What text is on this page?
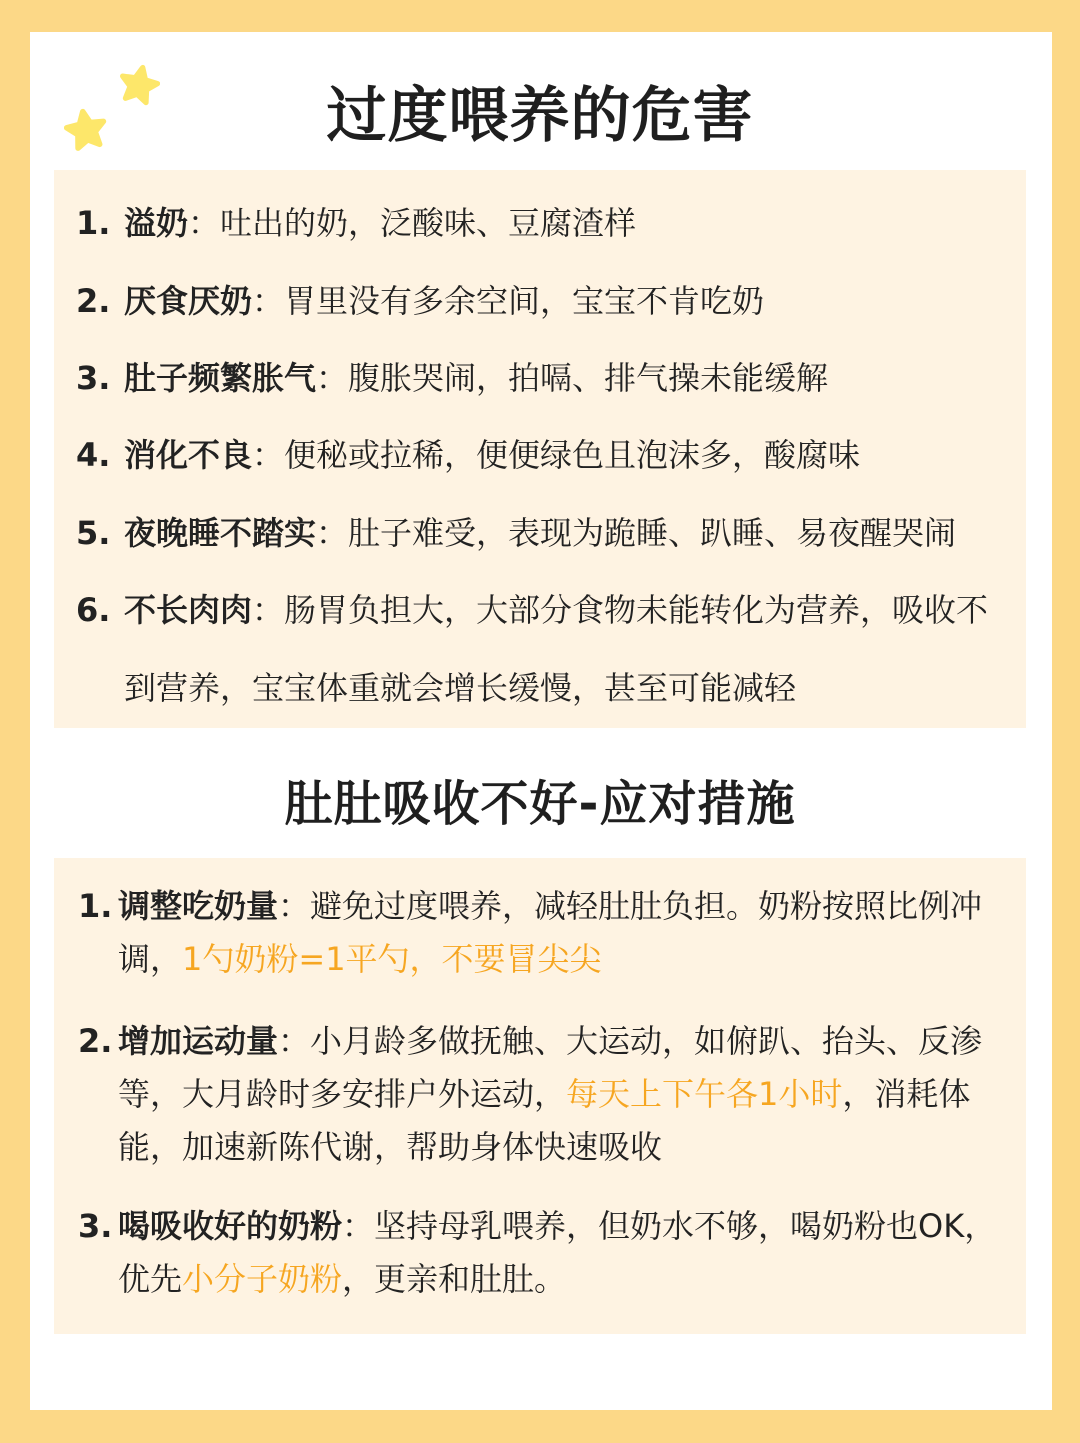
过度喂养的危害
1. 溢奶：吐出的奶，泛酸味、豆腐渣样
2. 厌食厌奶：胃里没有多余空间，宝宝不肯吃奶
3. 肚子频繁胀气：腹胀哭闹，拍嗝、排气操未能缓解
4. 消化不良：便秘或拉稀，便便绿色且泡沫多，酸腐味
5. 夜晚睡不踏实：肚子难受，表现为跪睡、趴睡、易夜醒哭闹
6. 不长肉肉：肠胃负担大，大部分食物未能转化为营养，吸收不
到营养，宝宝体重就会增长缓慢，甚至可能减轻
肚肚吸收不好-应对措施
1. 调整吃奶量：避免过度喂养，减轻肚肚负担。奶粉按照比例冲调，1勺奶粉=1平勺，不要冒尖尖
2. 增加运动量：小月龄多做抚触、大运动，如俯趴、抬头、反渗等，大月龄时多安排户外运动，每天上下午各1小时，消耗体能，加速新陈代谢，帮助身体快速吸收
3. 喝吸收好的奶粉：坚持母乳喂养，但奶水不够，喝奶粉也OK，优先小分子奶粉，更亲和肚肚。
